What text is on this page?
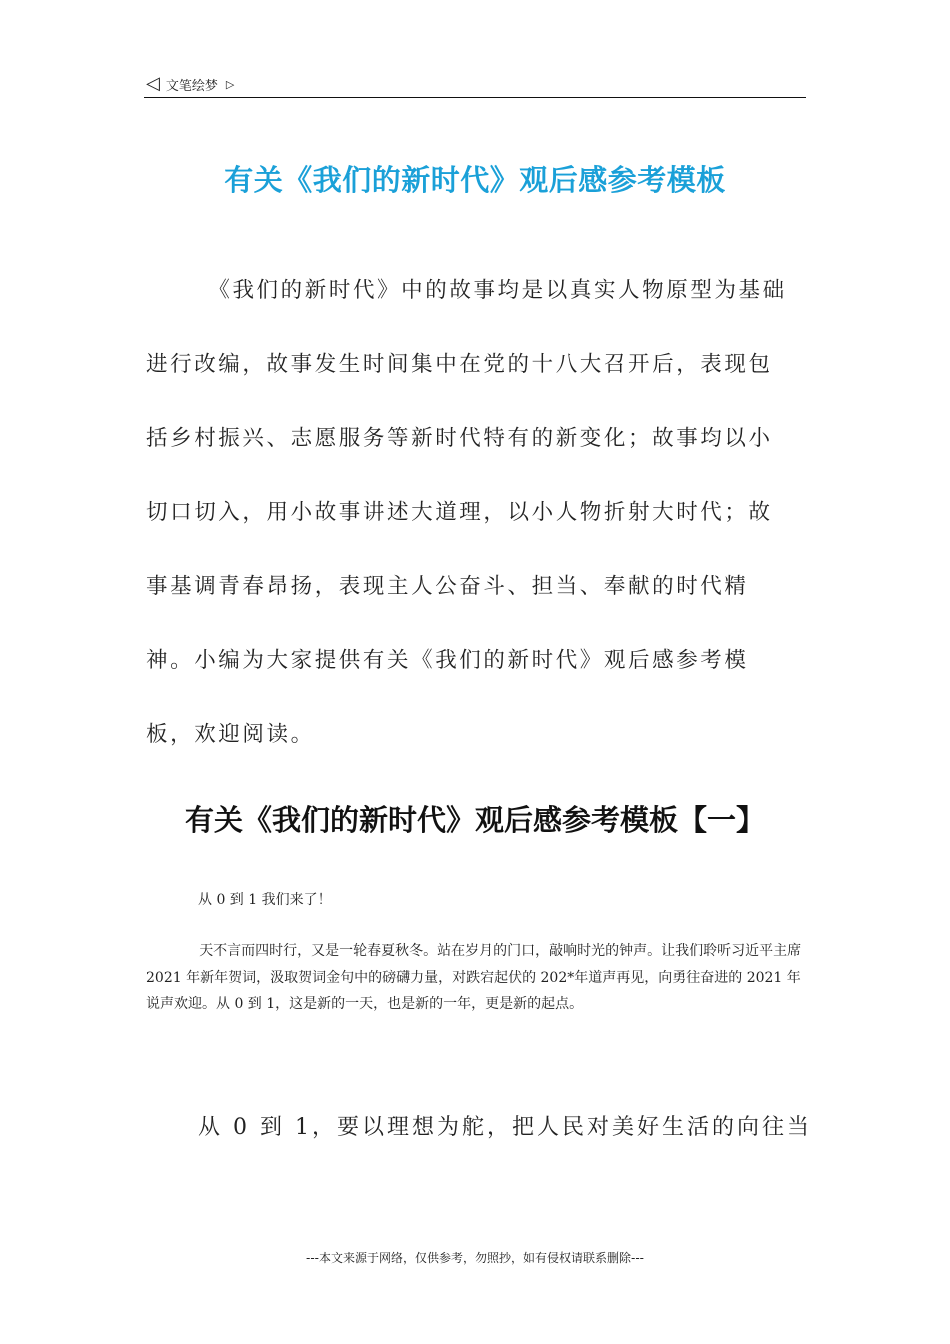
◁ 文笔绘梦 ▷
有关《我们的新时代》观后感参考模板

《我们的新时代》中的故事均是以真实人物原型为基础进行改编，故事发生时间集中在党的十八大召开后，表现包括乡村振兴、志愿服务等新时代特有的新变化；故事均以小切口切入，用小故事讲述大道理，以小人物折射大时代；故事基调青春昂扬，表现主人公奋斗、担当、奉献的时代精神。小编为大家提供有关《我们的新时代》观后感参考模板，欢迎阅读。

有关《我们的新时代》观后感参考模板【一】

从 0 到 1 我们来了！

天不言而四时行，又是一轮春夏秋冬。站在岁月的门口，敲响时光的钟声。让我们聆听习近平主席 2021 年新年贺词，汲取贺词金句中的磅礴力量，对跌宕起伏的 202*年道声再见，向勇往奋进的 2021 年说声欢迎。从 0 到 1，这是新的一天，也是新的一年，更是新的起点。

从 0 到 1，要以理想为舵，把人民对美好生活的向往当

---本文来源于网络，仅供参考，勿照抄，如有侵权请联系删除---
